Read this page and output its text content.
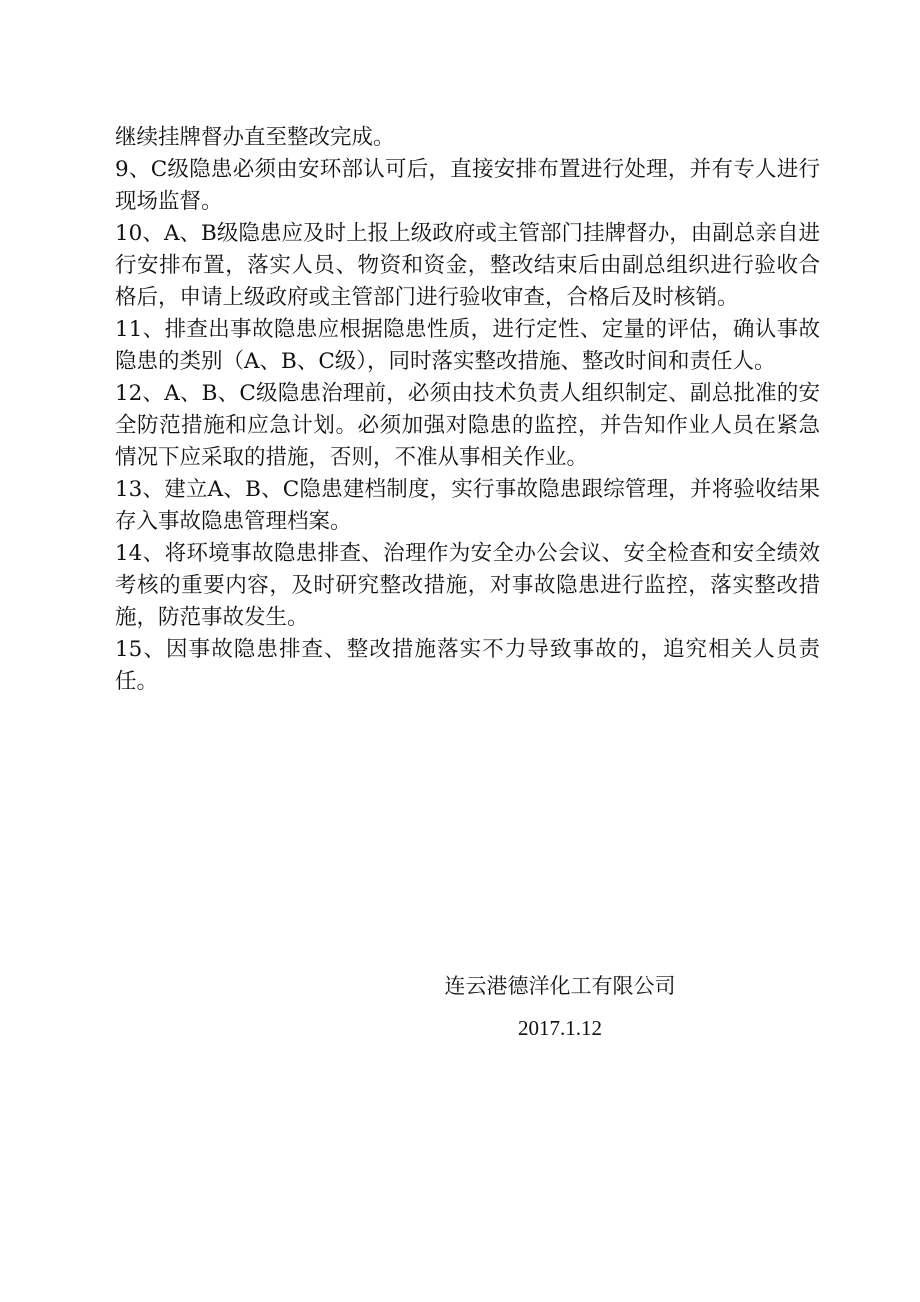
继续挂牌督办直至整改完成。

9、C级隐患必须由安环部认可后，直接安排布置进行处理，并有专人进行现场监督。

10、A、B级隐患应及时上报上级政府或主管部门挂牌督办，由副总亲自进行安排布置，落实人员、物资和资金，整改结束后由副总组织进行验收合格后，申请上级政府或主管部门进行验收审查，合格后及时核销。

11、排查出事故隐患应根据隐患性质，进行定性、定量的评估，确认事故隐患的类别（A、B、C级），同时落实整改措施、整改时间和责任人。

12、A、B、C级隐患治理前，必须由技术负责人组织制定、副总批准的安全防范措施和应急计划。必须加强对隐患的监控，并告知作业人员在紧急情况下应采取的措施，否则，不准从事相关作业。

13、建立A、B、C隐患建档制度，实行事故隐患跟综管理，并将验收结果存入事故隐患管理档案。

14、将环境事故隐患排查、治理作为安全办公会议、安全检查和安全绩效考核的重要内容，及时研究整改措施，对事故隐患进行监控，落实整改措施，防范事故发生。

15、因事故隐患排查、整改措施落实不力导致事故的，追究相关人员责任。

连云港德洋化工有限公司

2017.1.12
